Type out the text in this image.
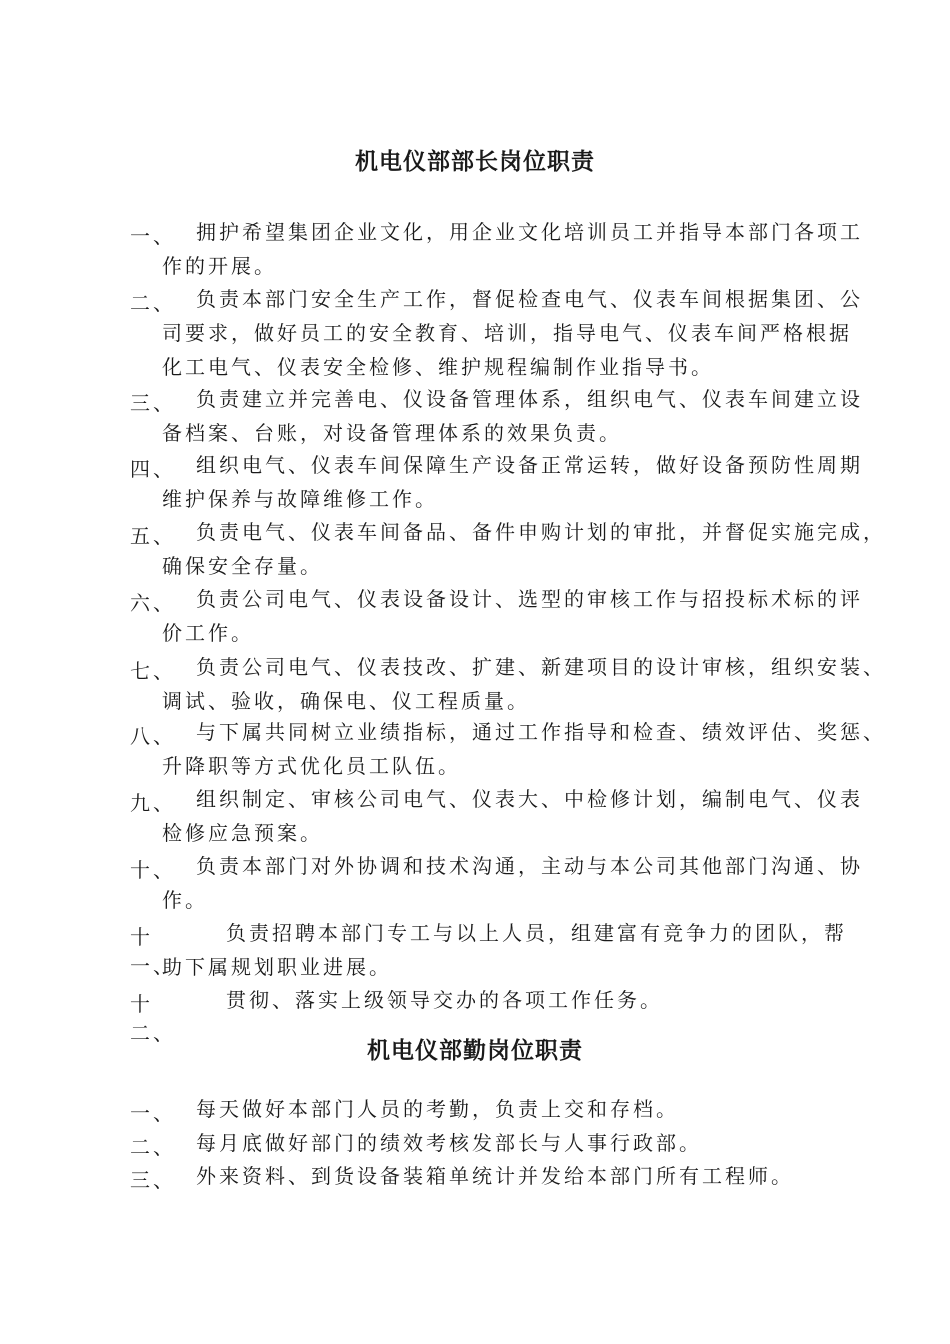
机电仪部部长岗位职责
一、 拥护希望集团企业文化，用企业文化培训员工并指导本部门各项工
作的开展。
二、 负责本部门安全生产工作，督促检查电气、仪表车间根据集团、公
司要求，做好员工的安全教育、培训，指导电气、仪表车间严格根据
化工电气、仪表安全检修、维护规程编制作业指导书。
三、 负责建立并完善电、仪设备管理体系，组织电气、仪表车间建立设
备档案、台账，对设备管理体系的效果负责。
四、 组织电气、仪表车间保障生产设备正常运转，做好设备预防性周期
维护保养与故障维修工作。
五、 负责电气、仪表车间备品、备件申购计划的审批，并督促实施完成，
确保安全存量。
六、 负责公司电气、仪表设备设计、选型的审核工作与招投标术标的评
价工作。
七、 负责公司电气、仪表技改、扩建、新建项目的设计审核，组织安装、
调试、验收，确保电、仪工程质量。
八、 与下属共同树立业绩指标，通过工作指导和检查、绩效评估、奖惩、
升降职等方式优化员工队伍。
九、 组织制定、审核公司电气、仪表大、中检修计划，编制电气、仪表
检修应急预案。
十、 负责本部门对外协调和技术沟通，主动与本公司其他部门沟通、协
作。
十一、
负责招聘本部门专工与以上人员，组建富有竞争力的团队，帮
助下属规划职业进展。
十二、
贯彻、落实上级领导交办的各项工作任务。
机电仪部勤岗位职责
一、 每天做好本部门人员的考勤，负责上交和存档。
二、 每月底做好部门的绩效考核发部长与人事行政部。
三、 外来资料、到货设备装箱单统计并发给本部门所有工程师。
